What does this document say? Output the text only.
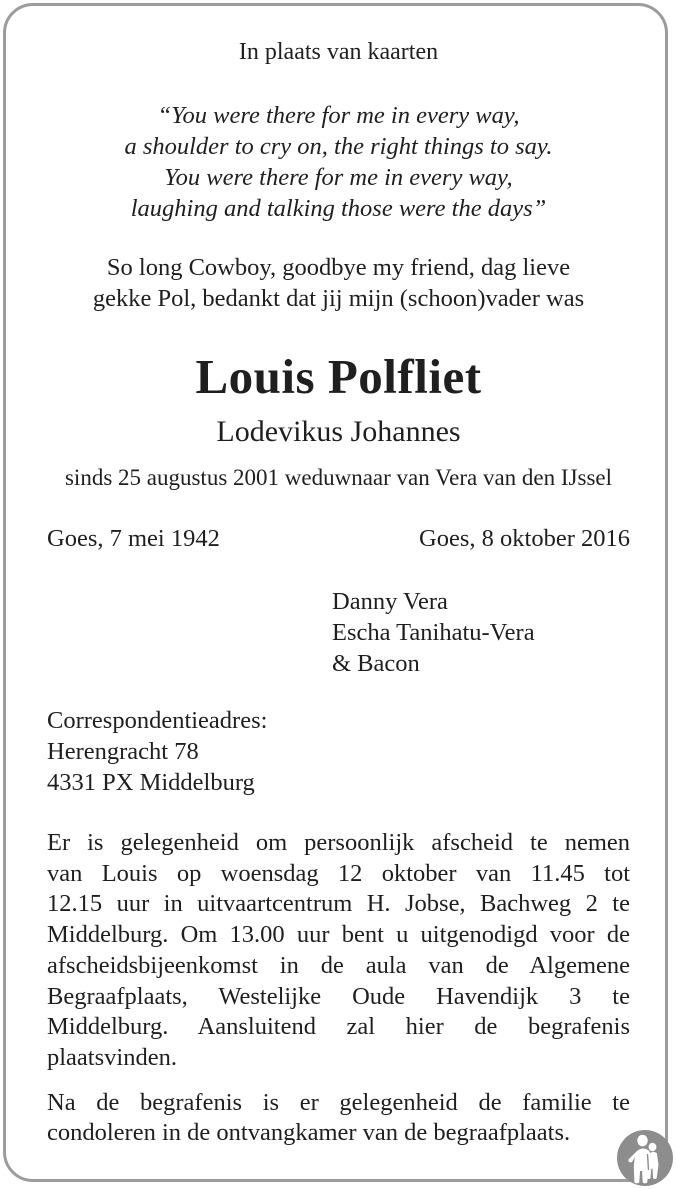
In plaats van kaarten
“You were there for me in every way,
a shoulder to cry on, the right things to say.
You were there for me in every way,
laughing and talking those were the days”
So long Cowboy, goodbye my friend, dag lieve
gekke Pol, bedankt dat jij mijn (schoon)vader was
Louis Polfliet
Lodevikus Johannes
sinds 25 augustus 2001 weduwnaar van Vera van den IJssel
Goes, 7 mei 1942	Goes, 8 oktober 2016
Danny Vera
Escha Tanihatu-Vera
& Bacon
Correspondentieadres:
Herengracht 78
4331 PX Middelburg
Er is gelegenheid om persoonlijk afscheid te nemen
van Louis op woensdag 12 oktober van 11.45 tot
12.15 uur in uitvaartcentrum H. Jobse, Bachweg 2 te
Middelburg. Om 13.00 uur bent u uitgenodigd voor de
afscheidsbijeenkomst in de aula van de Algemene
Begraafplaats, Westelijke Oude Havendijk 3 te
Middelburg. Aansluitend zal hier de begrafenis
plaatsvinden.
Na de begrafenis is er gelegenheid de familie te
condoleren in de ontvangkamer van de begraafplaats.
